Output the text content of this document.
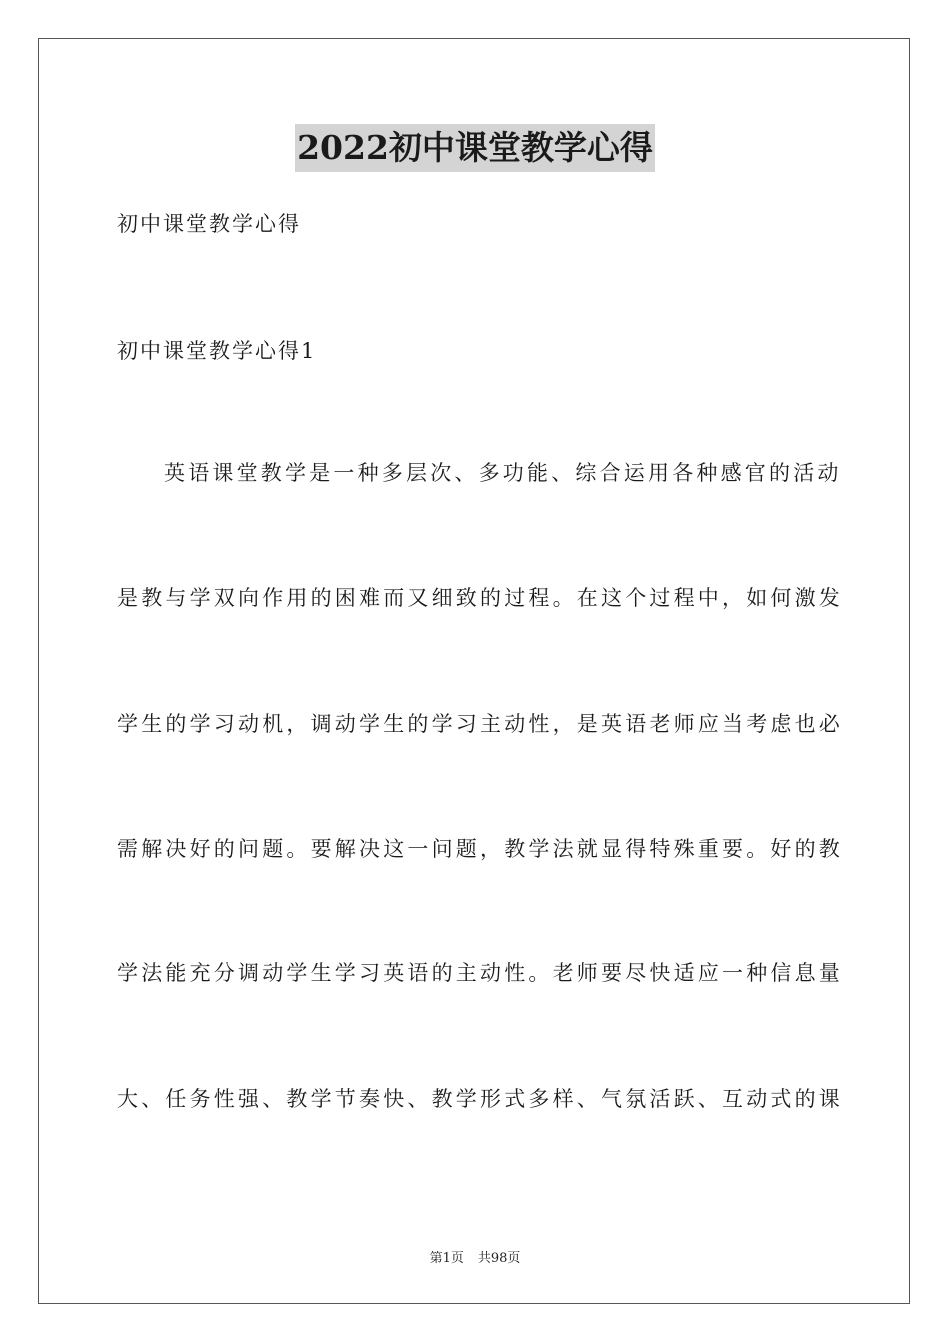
2022初中课堂教学心得
初中课堂教学心得
初中课堂教学心得1
英语课堂教学是一种多层次、多功能、综合运用各种感官的活动
是教与学双向作用的困难而又细致的过程。在这个过程中，如何激发
学生的学习动机，调动学生的学习主动性，是英语老师应当考虑也必
需解决好的问题。要解决这一问题，教学法就显得特殊重要。好的教
学法能充分调动学生学习英语的主动性。老师要尽快适应一种信息量
大、任务性强、教学节奏快、教学形式多样、气氛活跃、互动式的课
第1页 共98页
